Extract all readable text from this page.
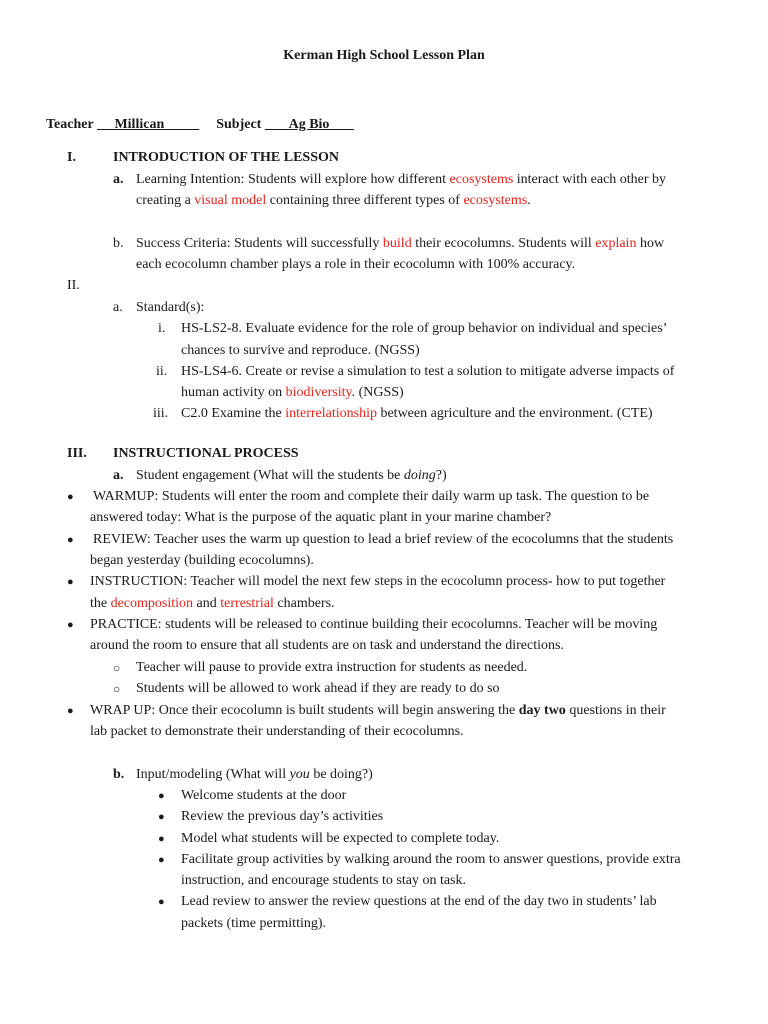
Kerman High School Lesson Plan
Teacher Millican	Subject Ag Bio
I.	INTRODUCTION OF THE LESSON
a. Learning Intention: Students will explore how different ecosystems interact with each other by
creating a visual model containing three different types of ecosystems.
b. Success Criteria: Students will successfully build their ecocolumns. Students will explain how
each ecocolumn chamber plays a role in their ecocolumn with 100% accuracy.
II.
a. Standard(s):
i. HS-LS2-8. Evaluate evidence for the role of group behavior on individual and species’
chances to survive and reproduce. (NGSS)
ii. HS-LS4-6. Create or revise a simulation to test a solution to mitigate adverse impacts of
human activity on biodiversity. (NGSS)
iii. C2.0 Examine the interrelationship between agriculture and the environment. (CTE)
III. INSTRUCTIONAL PROCESS
a. Student engagement (What will the students be doing?)
● WARMUP: Students will enter the room and complete their daily warm up task. The question to be
answered today: What is the purpose of the aquatic plant in your marine chamber?
● REVIEW: Teacher uses the warm up question to lead a brief review of the ecocolumns that the students
began yesterday (building ecocolumns).
● INSTRUCTION: Teacher will model the next few steps in the ecocolumn process- how to put together
the decomposition and terrestrial chambers.
● PRACTICE: students will be released to continue building their ecocolumns. Teacher will be moving
around the room to ensure that all students are on task and understand the directions.
○ Teacher will pause to provide extra instruction for students as needed.
○ Students will be allowed to work ahead if they are ready to do so
● WRAP UP: Once their ecocolumn is built students will begin answering the day two questions in their
lab packet to demonstrate their understanding of their ecocolumns.
b. Input/modeling (What will you be doing?)
● Welcome students at the door
● Review the previous day’s activities
● Model what students will be expected to complete today.
● Facilitate group activities by walking around the room to answer questions, provide extra
instruction, and encourage students to stay on task.
● Lead review to answer the review questions at the end of the day two in students’ lab
packets (time permitting).
